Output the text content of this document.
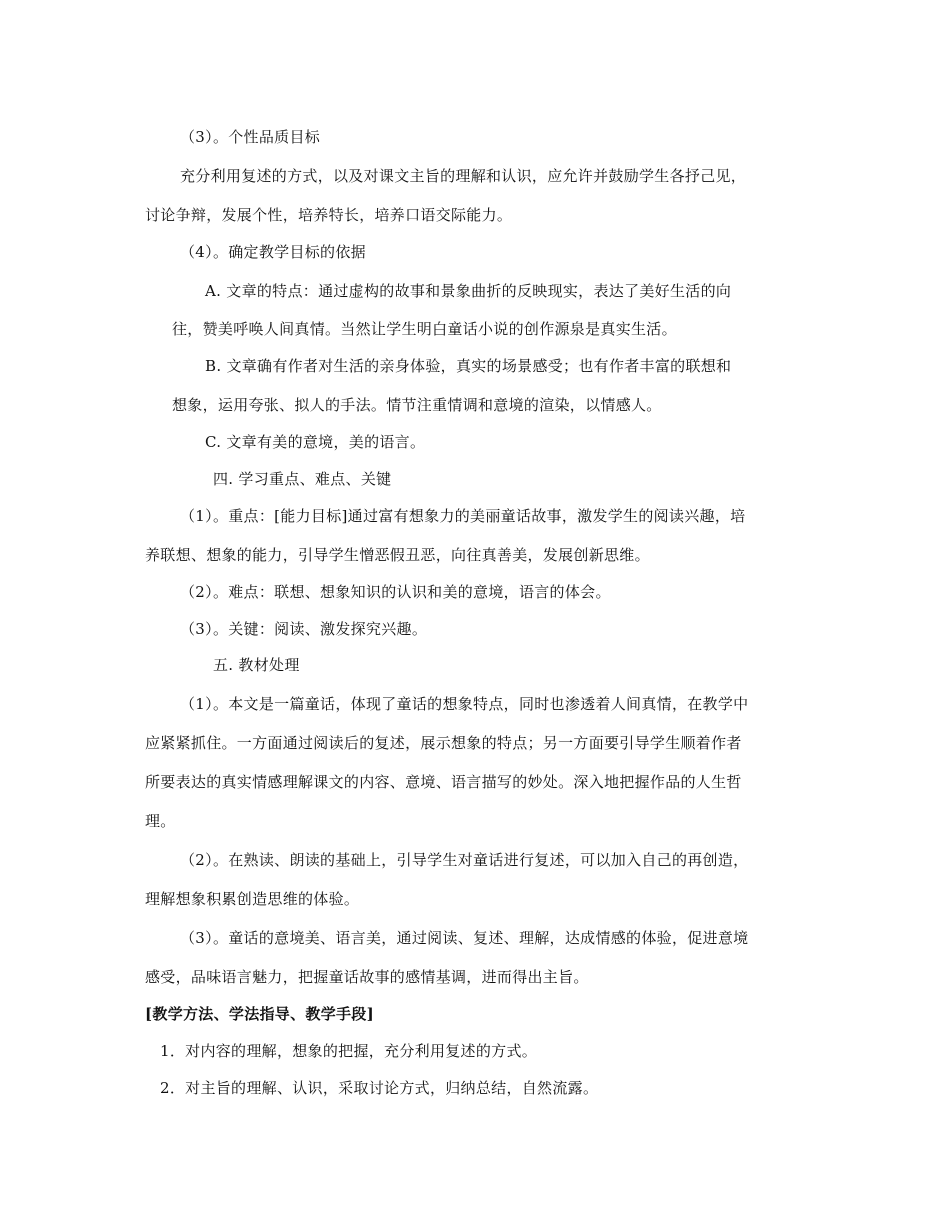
（3）。个性品质目标
充分利用复述的方式，以及对课文主旨的理解和认识，应允许并鼓励学生各抒己见，
讨论争辩，发展个性，培养特长，培养口语交际能力。
（4）。确定教学目标的依据
A. 文章的特点：通过虚构的故事和景象曲折的反映现实，表达了美好生活的向
往，赞美呼唤人间真情。当然让学生明白童话小说的创作源泉是真实生活。
B. 文章确有作者对生活的亲身体验，真实的场景感受；也有作者丰富的联想和
想象，运用夸张、拟人的手法。情节注重情调和意境的渲染，以情感人。
C. 文章有美的意境，美的语言。
四. 学习重点、难点、关键
（1）。重点：[能力目标]通过富有想象力的美丽童话故事，激发学生的阅读兴趣，培
养联想、想象的能力，引导学生憎恶假丑恶，向往真善美，发展创新思维。
（2）。难点：联想、想象知识的认识和美的意境，语言的体会。
（3）。关键：阅读、激发探究兴趣。
五. 教材处理
（1）。本文是一篇童话，体现了童话的想象特点，同时也渗透着人间真情，在教学中
应紧紧抓住。一方面通过阅读后的复述，展示想象的特点；另一方面要引导学生顺着作者
所要表达的真实情感理解课文的内容、意境、语言描写的妙处。深入地把握作品的人生哲
理。
（2）。在熟读、朗读的基础上，引导学生对童话进行复述，可以加入自己的再创造，
理解想象积累创造思维的体验。
（3）。童话的意境美、语言美，通过阅读、复述、理解，达成情感的体验，促进意境
感受，品味语言魅力，把握童话故事的感情基调，进而得出主旨。
[教学方法、学法指导、教学手段]
1．对内容的理解，想象的把握，充分利用复述的方式。
2．对主旨的理解、认识，采取讨论方式，归纳总结，自然流露。
